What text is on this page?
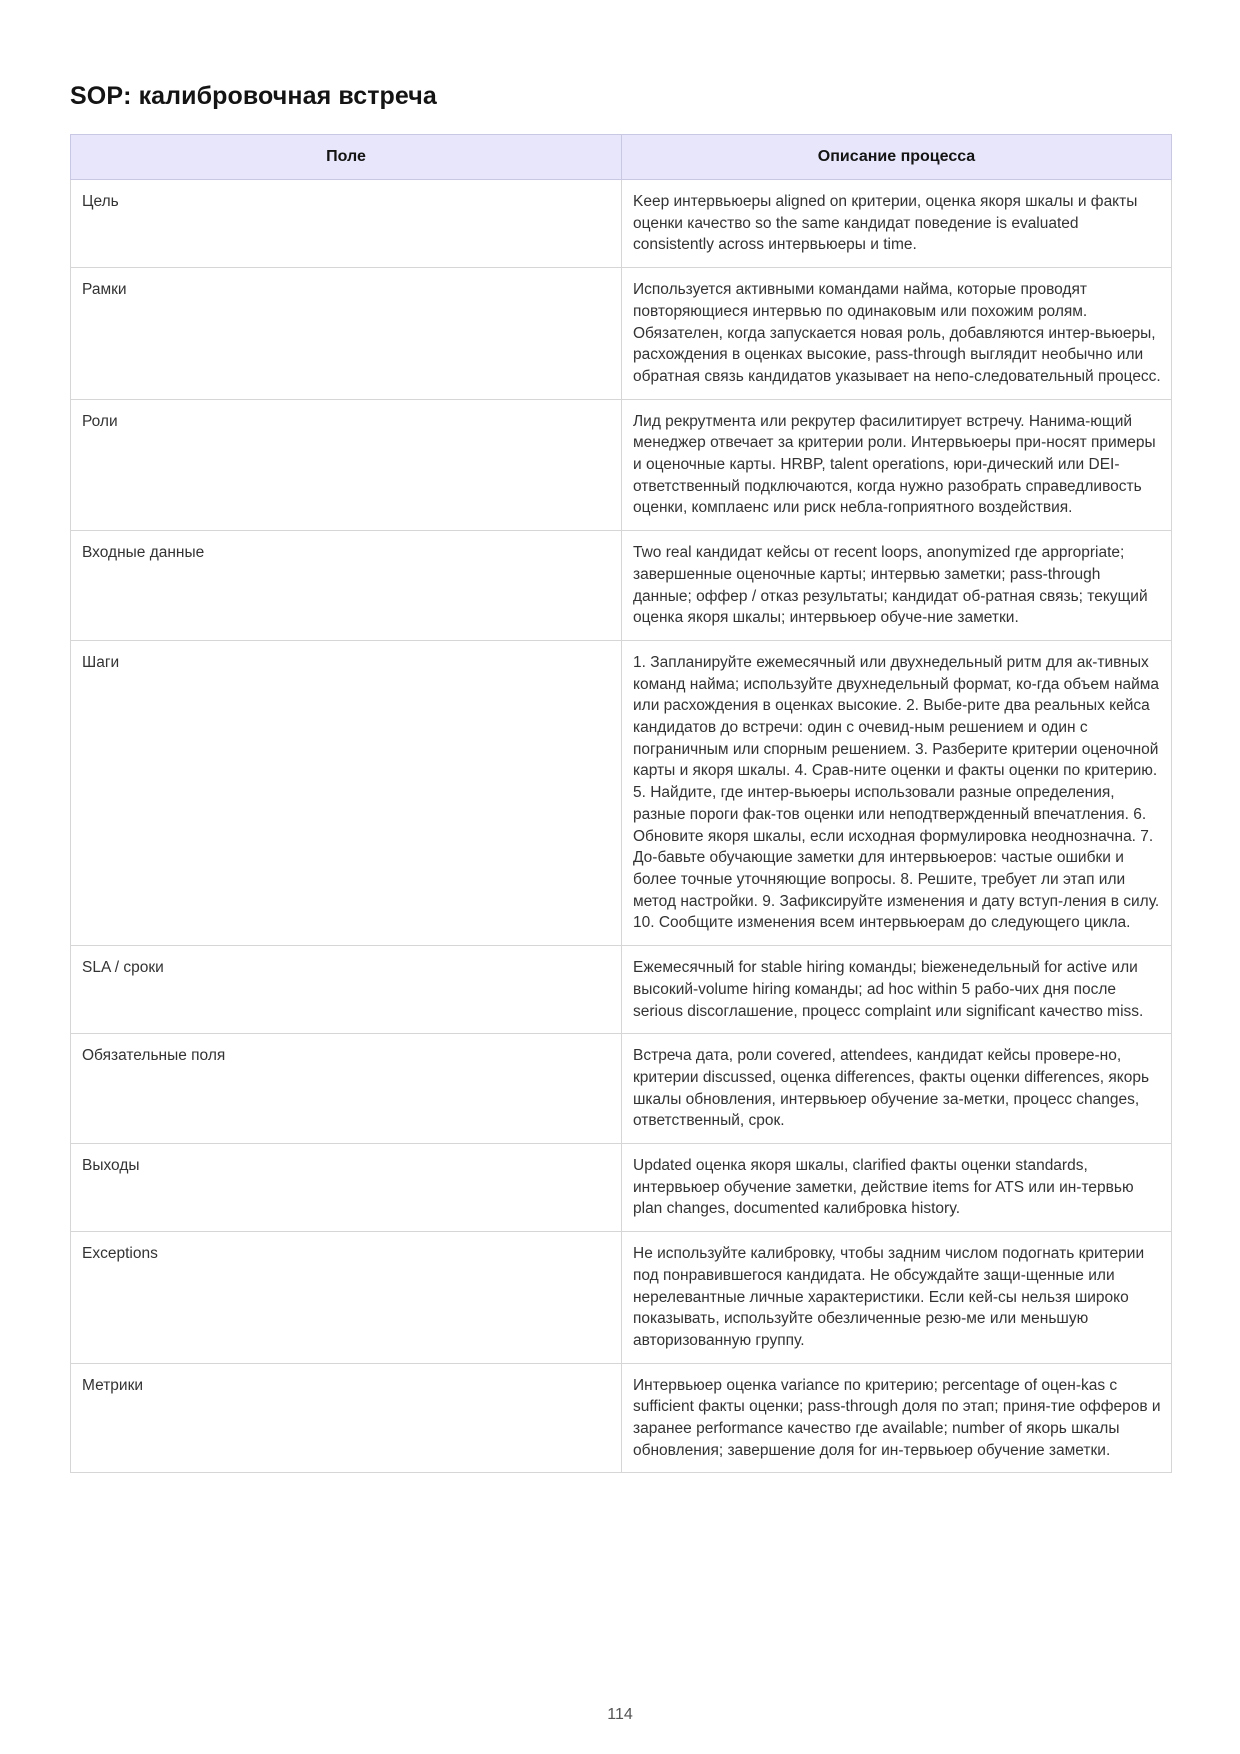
SOP: калибровочная встреча
Поле	Описание процесса
Цель	Keep интервьюеры aligned on критерии, оценка якоря шкалы и факты оценки качество so the same кандидат поведение is evaluated consistently across интервьюеры и time.
Рамки	Используется активными командами найма, которые проводят повторяющиеся интервью по одинаковым или похожим ролям. Обязателен, когда запускается новая роль, добавляются интер-вьюеры, расхождения в оценках высокие, pass-through выглядит необычно или обратная связь кандидатов указывает на непо-следовательный процесс.
Роли	Лид рекрутмента или рекрутер фасилитирует встречу. Нанима-ющий менеджер отвечает за критерии роли. Интервьюеры при-носят примеры и оценочные карты. HRBP, talent operations, юри-дический или DEI-ответственный подключаются, когда нужно разобрать справедливость оценки, комплаенс или риск небла-гоприятного воздействия.
Входные данные	Two real кандидат кейсы от recent loops, anonymized где appropriate; завершенные оценочные карты; интервью заметки; pass-through данные; оффер / отказ результаты; кандидат об-ратная связь; текущий оценка якоря шкалы; интервьюер обуче-ние заметки.
Шаги	1. Запланируйте ежемесячный или двухнедельный ритм для ак-тивных команд найма; используйте двухнедельный формат, ко-гда объем найма или расхождения в оценках высокие. 2. Выбе-рите два реальных кейса кандидатов до встречи: один с очевид-ным решением и один с пограничным или спорным решением. 3. Разберите критерии оценочной карты и якоря шкалы. 4. Срав-ните оценки и факты оценки по критерию. 5. Найдите, где интер-вьюеры использовали разные определения, разные пороги фак-тов оценки или неподтвержденный впечатления. 6. Обновите якоря шкалы, если исходная формулировка неоднозначна. 7. До-бавьте обучающие заметки для интервьюеров: частые ошибки и более точные уточняющие вопросы. 8. Решите, требует ли этап или метод настройки. 9. Зафиксируйте изменения и дату вступ-ления в силу. 10. Сообщите изменения всем интервьюерам до следующего цикла.
SLA / сроки	Ежемесячный for stable hiring команды; biеженедельный for active или высокий-volume hiring команды; ad hoc within 5 рабо-чих дня после serious discoглашение, процесс complaint или significant качество miss.
Обязательные поля	Встреча дата, роли covered, attendees, кандидат кейсы провере-но, критерии discussed, оценка differences, факты оценки differences, якорь шкалы обновления, интервьюер обучение за-метки, процесс changes, ответственный, срок.
Выходы	Updated оценка якоря шкалы, clarified факты оценки standards, интервьюер обучение заметки, действие items for ATS или ин-тервью plan changes, documented калибровка history.
Exceptions	Не используйте калибровку, чтобы задним числом подогнать критерии под понравившегося кандидата. Не обсуждайте защи-щенные или нерелевантные личные характеристики. Если кей-сы нельзя широко показывать, используйте обезличенные резю-ме или меньшую авторизованную группу.
Метрики	Интервьюер оценка variance по критерию; percentage of оцен-kas с sufficient факты оценки; pass-through доля по этап; приня-тие офферов и заранее performance качество где available; number of якорь шкалы обновления; завершение доля for ин-тервьюер обучение заметки.
114
